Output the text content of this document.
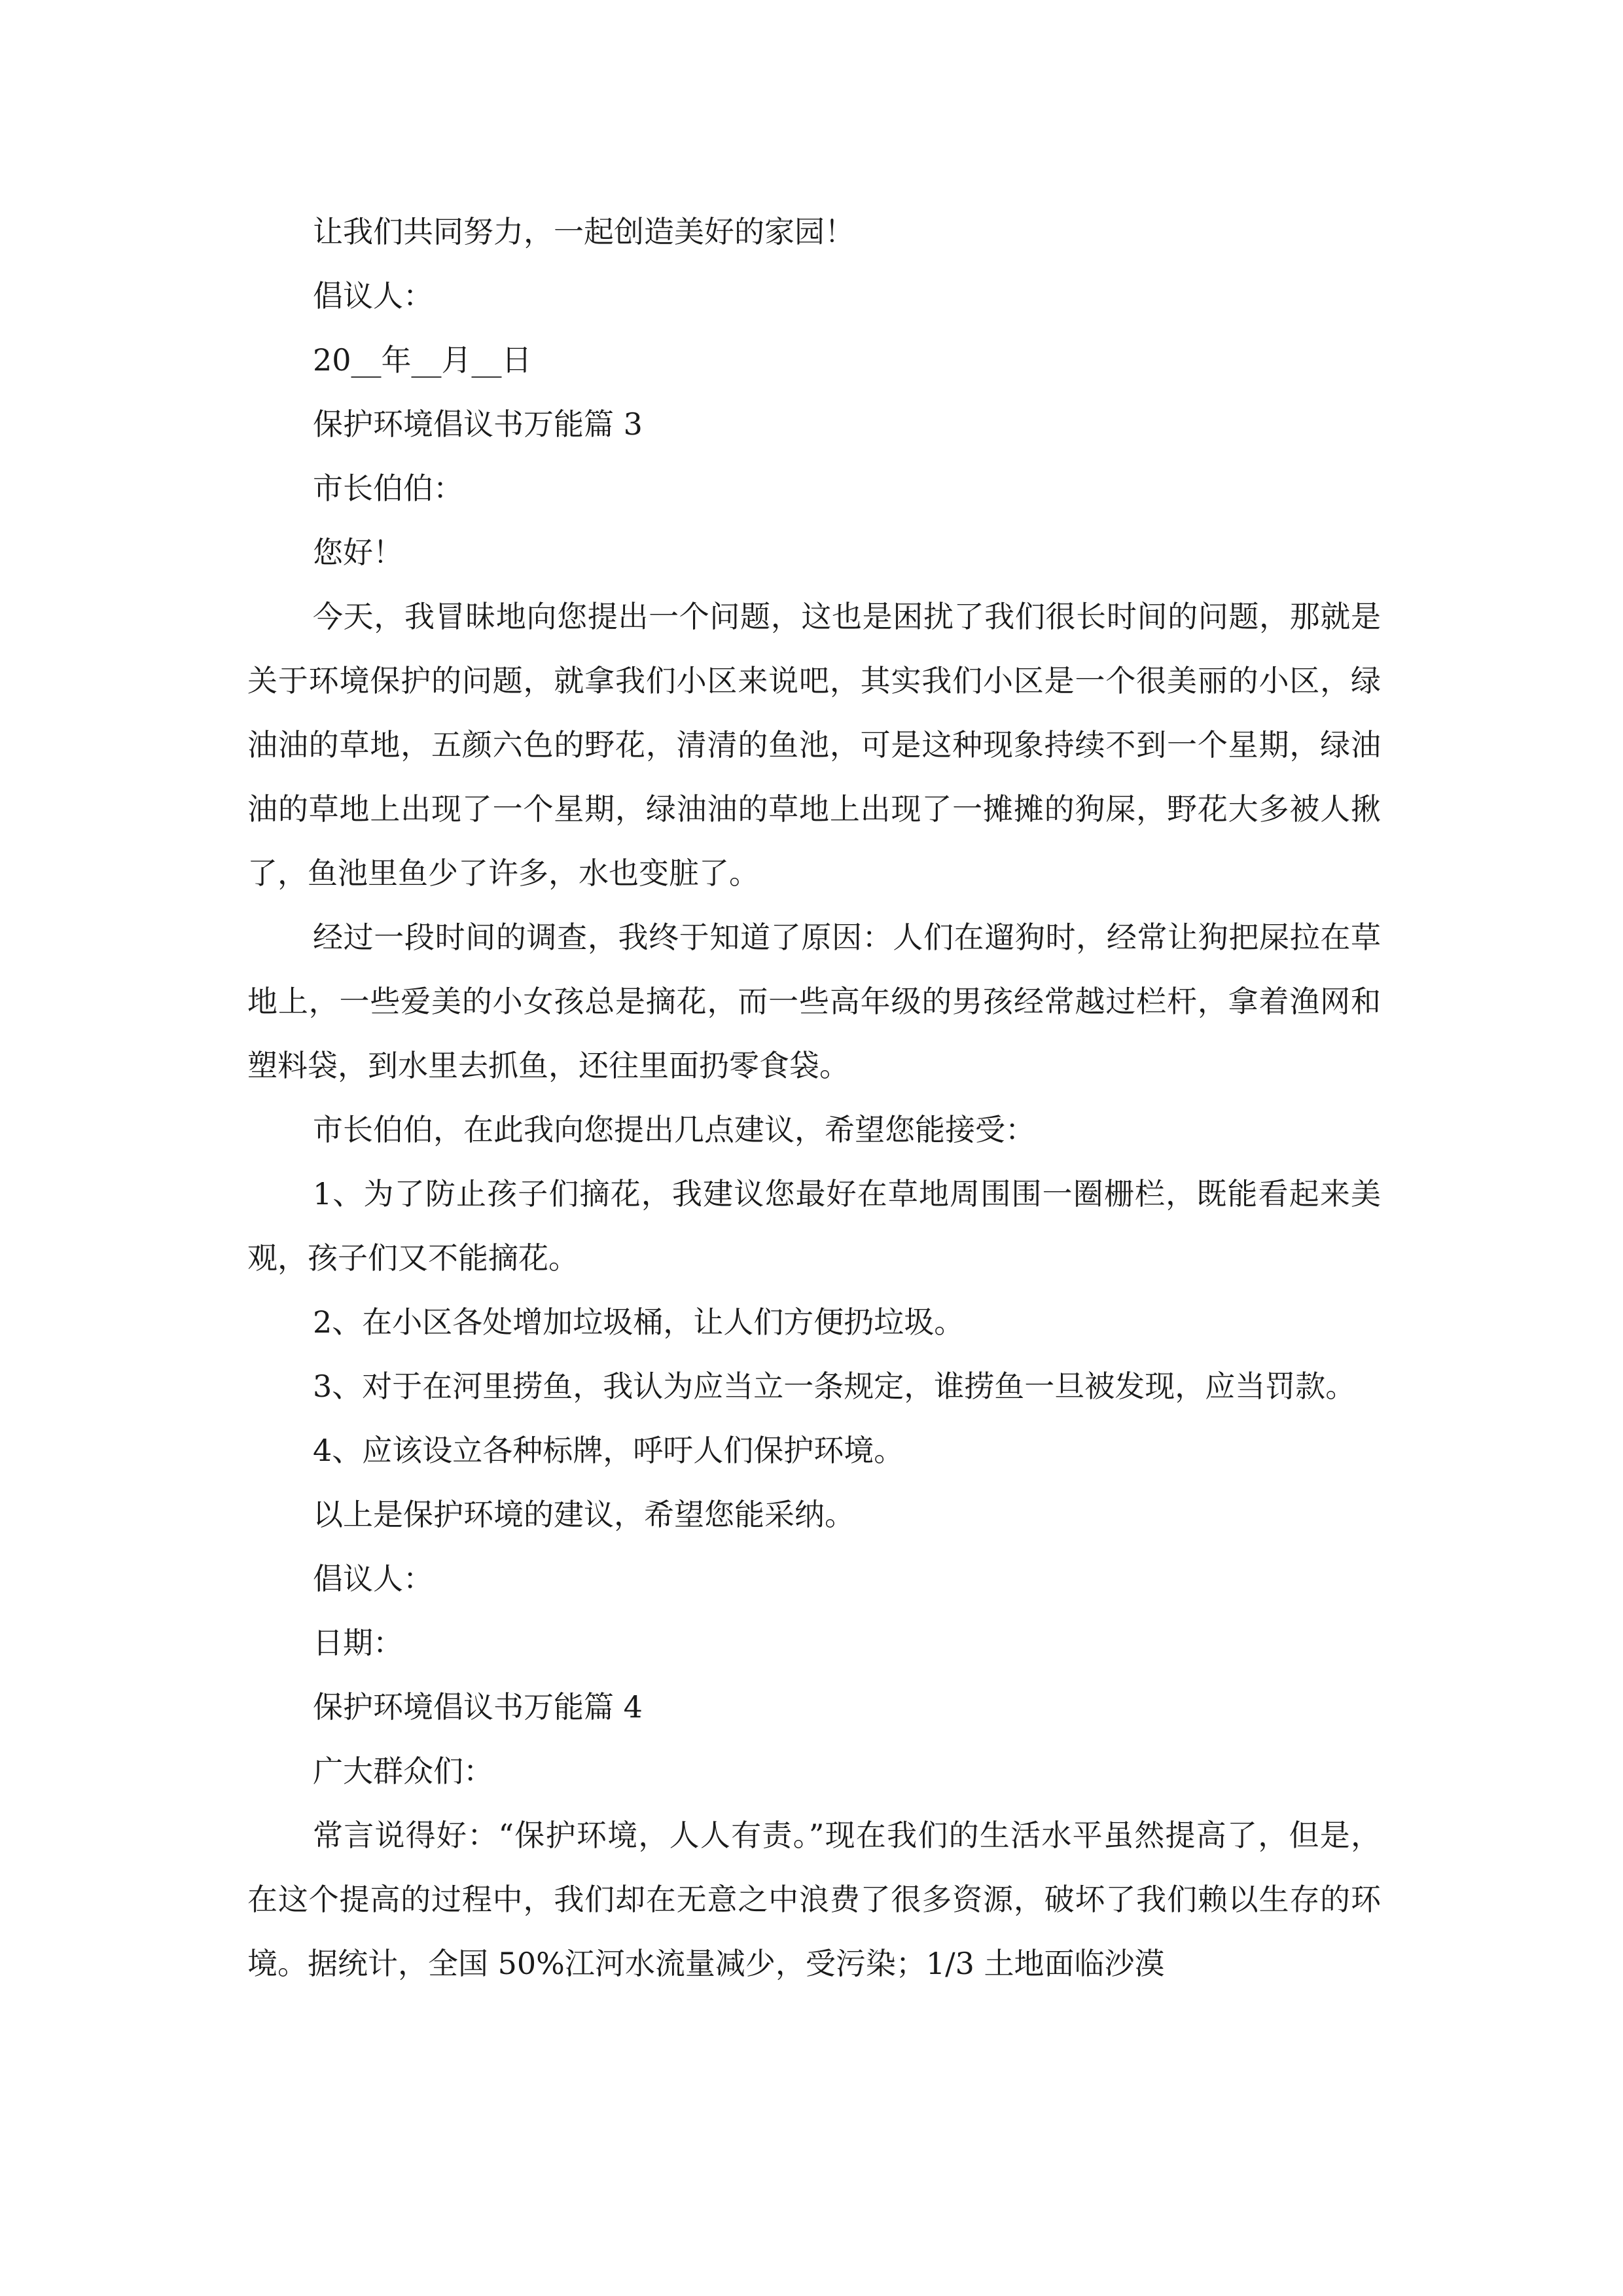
让我们共同努力，一起创造美好的家园！
倡议人：
20__年__月__日
保护环境倡议书万能篇 3
市长伯伯：
您好！
今天，我冒昧地向您提出一个问题，这也是困扰了我们很长时间的问题，那就是关于环境保护的问题，就拿我们小区来说吧，其实我们小区是一个很美丽的小区，绿油油的草地，五颜六色的野花，清清的鱼池，可是这种现象持续不到一个星期，绿油油的草地上出现了一个星期，绿油油的草地上出现了一摊摊的狗屎，野花大多被人揪了，鱼池里鱼少了许多，水也变脏了。
经过一段时间的调查，我终于知道了原因：人们在遛狗时，经常让狗把屎拉在草地上，一些爱美的小女孩总是摘花，而一些高年级的男孩经常越过栏杆，拿着渔网和塑料袋，到水里去抓鱼，还往里面扔零食袋。
市长伯伯，在此我向您提出几点建议，希望您能接受：
1、为了防止孩子们摘花，我建议您最好在草地周围围一圈栅栏，既能看起来美观，孩子们又不能摘花。
2、在小区各处增加垃圾桶，让人们方便扔垃圾。
3、对于在河里捞鱼，我认为应当立一条规定，谁捞鱼一旦被发现，应当罚款。
4、应该设立各种标牌，呼吁人们保护环境。
以上是保护环境的建议，希望您能采纳。
倡议人：
日期：
保护环境倡议书万能篇 4
广大群众们：
常言说得好：“保护环境，人人有责。”现在我们的生活水平虽然提高了，但是，在这个提高的过程中，我们却在无意之中浪费了很多资源，破坏了我们赖以生存的环境。据统计，全国 50%江河水流量减少，受污染；1/3 土地面临沙漠
